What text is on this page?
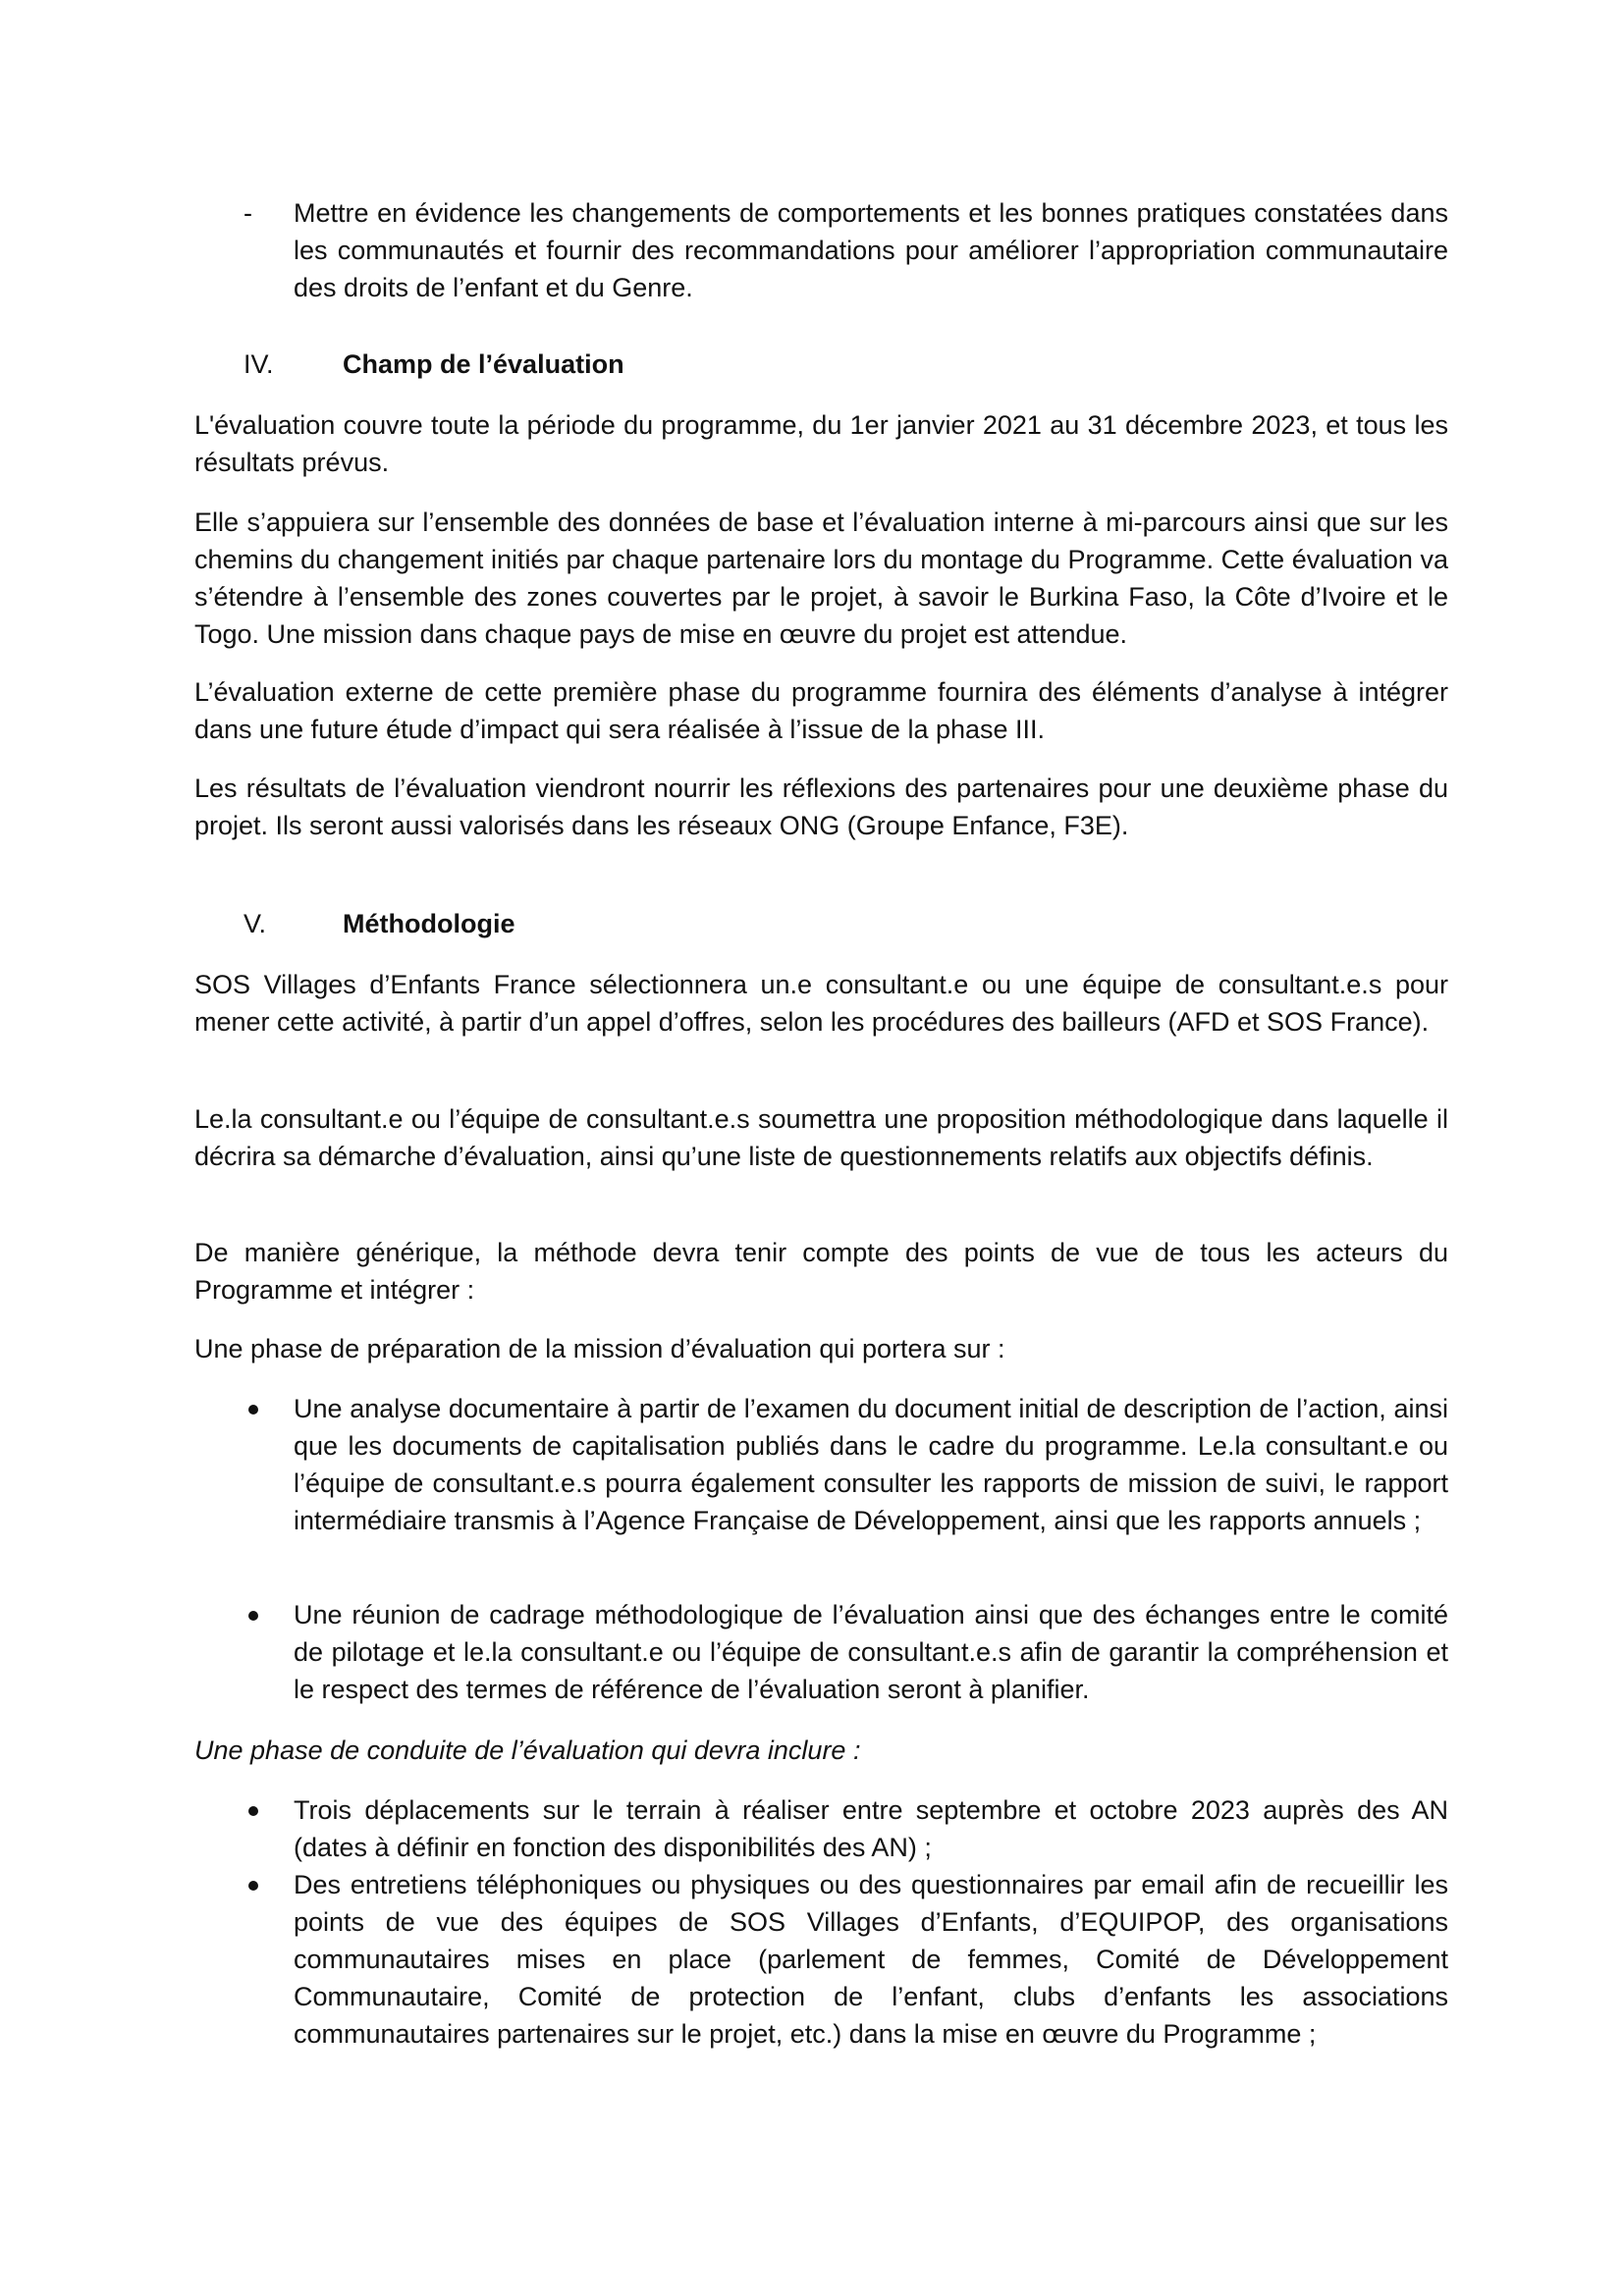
- Mettre en évidence les changements de comportements et les bonnes pratiques constatées dans les communautés et fournir des recommandations pour améliorer l’appropriation communautaire des droits de l’enfant et du Genre.

IV.	Champ de l’évaluation

L'évaluation couvre toute la période du programme, du 1er janvier 2021 au 31 décembre 2023, et tous les résultats prévus.

Elle s’appuiera sur l’ensemble des données de base et l’évaluation interne à mi-parcours ainsi que sur les chemins du changement initiés par chaque partenaire lors du montage du Programme. Cette évaluation va s’étendre à l’ensemble des zones couvertes par le projet, à savoir le Burkina Faso, la Côte d’Ivoire et le Togo. Une mission dans chaque pays de mise en œuvre du projet est attendue.

L’évaluation externe de cette première phase du programme fournira des éléments d’analyse à intégrer dans une future étude d’impact qui sera réalisée à l’issue de la phase III.

Les résultats de l’évaluation viendront nourrir les réflexions des partenaires pour une deuxième phase du projet. Ils seront aussi valorisés dans les réseaux ONG (Groupe Enfance, F3E).

V.	Méthodologie

SOS Villages d’Enfants France sélectionnera un.e consultant.e ou une équipe de consultant.e.s pour mener cette activité, à partir d’un appel d’offres, selon les procédures des bailleurs (AFD et SOS France).

Le.la consultant.e ou l’équipe de consultant.e.s soumettra une proposition méthodologique dans laquelle il décrira sa démarche d’évaluation, ainsi qu’une liste de questionnements relatifs aux objectifs définis.

De manière générique, la méthode devra tenir compte des points de vue de tous les acteurs du Programme et intégrer :

Une phase de préparation de la mission d’évaluation qui portera sur :

Une analyse documentaire à partir de l’examen du document initial de description de l’action, ainsi que les documents de capitalisation publiés dans le cadre du programme. Le.la consultant.e ou l’équipe de consultant.e.s pourra également consulter les rapports de mission de suivi, le rapport intermédiaire transmis à l’Agence Française de Développement, ainsi que les rapports annuels ;

Une réunion de cadrage méthodologique de l’évaluation ainsi que des échanges entre le comité de pilotage et le.la consultant.e ou l’équipe de consultant.e.s afin de garantir la compréhension et le respect des termes de référence de l’évaluation seront à planifier.

Une phase de conduite de l’évaluation qui devra inclure :

Trois déplacements sur le terrain à réaliser entre septembre et octobre 2023 auprès des AN (dates à définir en fonction des disponibilités des AN) ;

Des entretiens téléphoniques ou physiques ou des questionnaires par email afin de recueillir les points de vue des équipes de SOS Villages d’Enfants, d’EQUIPOP, des organisations communautaires mises en place (parlement de femmes, Comité de Développement Communautaire, Comité de protection de l’enfant, clubs d’enfants les associations communautaires partenaires sur le projet, etc.) dans la mise en œuvre du Programme ;
